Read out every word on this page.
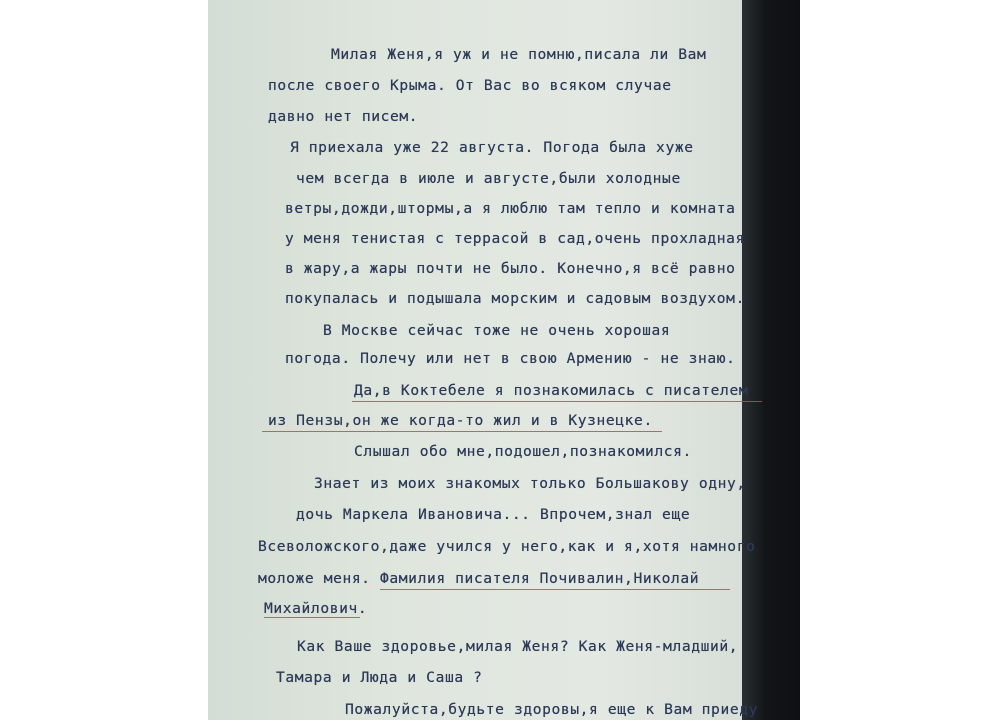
Милая Женя,я уж и не помню,писала ли Вам
после своего Крыма. От Вас во всяком случае
давно нет писем.
Я приехала уже 22 августа. Погода была хуже
чем всегда в июле и августе,были холодные
ветры,дожди,штормы,а я люблю там тепло и комната
у меня тенистая с террасой в сад,очень прохладная
в жару,а жары почти не было. Конечно,я всё равно
покупалась и подышала морским и садовым воздухом.
В Москве сейчас тоже не очень хорошая
погода. Полечу или нет в свою Армению - не знаю.
Да,в Коктебеле я познакомилась с писателем
из Пензы,он же когда-то жил и в Кузнецке.
Слышал обо мне,подошел,познакомился.
Знает из моих знакомых только Большакову одну,
дочь Маркела Ивановича... Впрочем,знал еще
Всеволожского,даже учился у него,как и я,хотя намного
моложе меня. Фамилия писателя Почивалин,Николай
Михайлович.
Как Ваше здоровье,милая Женя? Как Женя-младший,
Тамара и Люда и Саша ?
Пожалуйста,будьте здоровы,я еще к Вам приеду
